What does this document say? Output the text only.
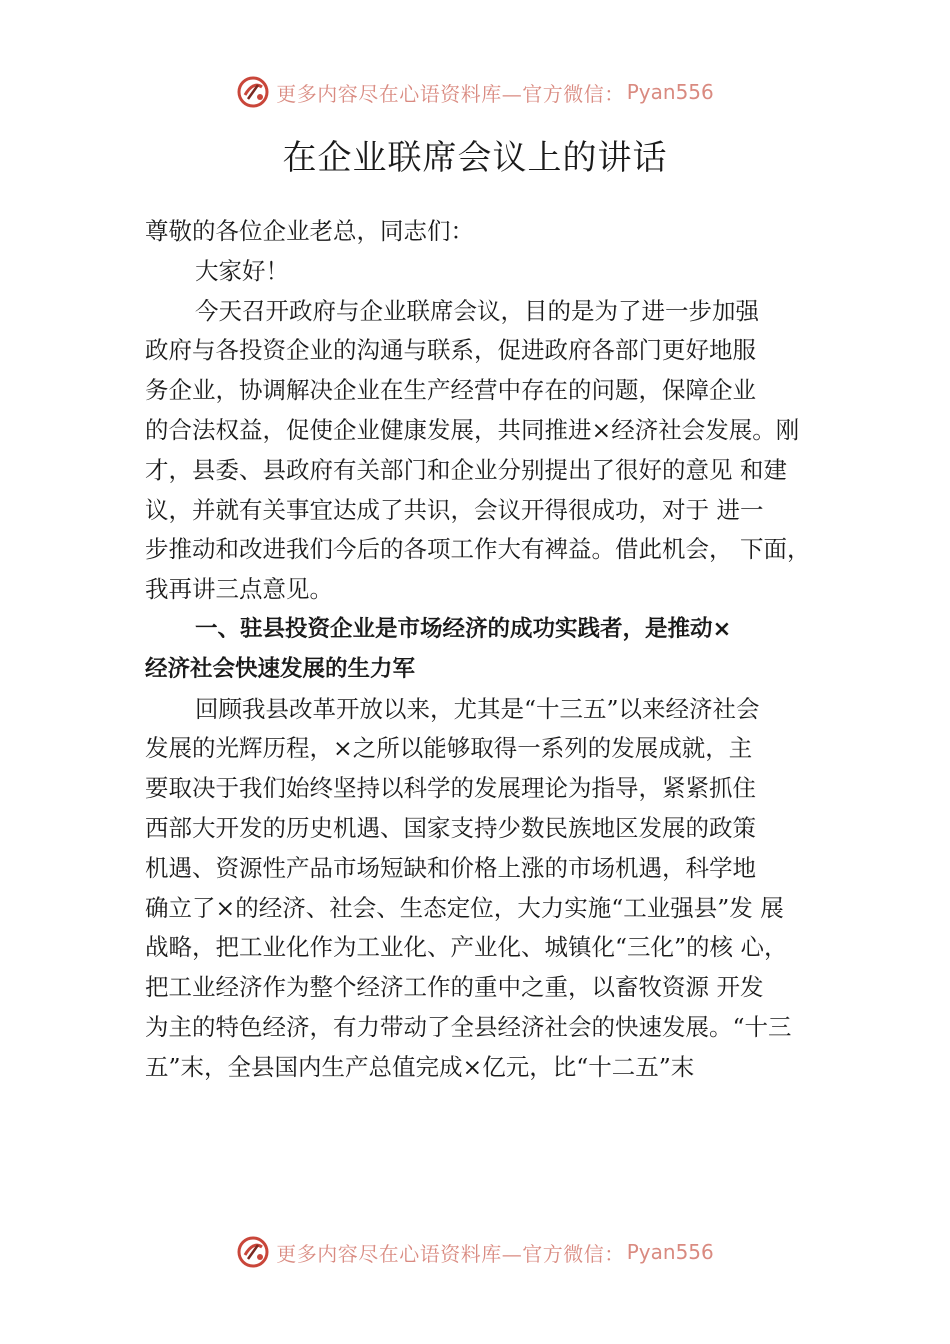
更多内容尽在心语资料库—官方微信： Pyan556
在企业联席会议上的讲话
尊敬的各位企业老总，同志们：
大家好！
今天召开政府与企业联席会议，目的是为了进一步加强
政府与各投资企业的沟通与联系，促进政府各部门更好地服
务企业，协调解决企业在生产经营中存在的问题，保障企业
的合法权益，促使企业健康发展，共同推进×经济社会发展。刚
才，县委、县政府有关部门和企业分别提出了很好的意见 和建
议，并就有关事宜达成了共识，会议开得很成功，对于 进一
步推动和改进我们今后的各项工作大有裨益。借此机会， 下面，
我再讲三点意见。
一、驻县投资企业是市场经济的成功实践者，是推动×
经济社会快速发展的生力军
回顾我县改革开放以来，尤其是“十三五”以来经济社会
发展的光辉历程，×之所以能够取得一系列的发展成就，主
要取决于我们始终坚持以科学的发展理论为指导，紧紧抓住
西部大开发的历史机遇、国家支持少数民族地区发展的政策
机遇、资源性产品市场短缺和价格上涨的市场机遇，科学地
确立了×的经济、社会、生态定位，大力实施“工业强县”发 展
战略，把工业化作为工业化、产业化、城镇化“三化”的核 心，
把工业经济作为整个经济工作的重中之重，以畜牧资源 开发
为主的特色经济，有力带动了全县经济社会的快速发展。“十三
五”末，全县国内生产总值完成×亿元，比“十二五”末
更多内容尽在心语资料库—官方微信： Pyan556
